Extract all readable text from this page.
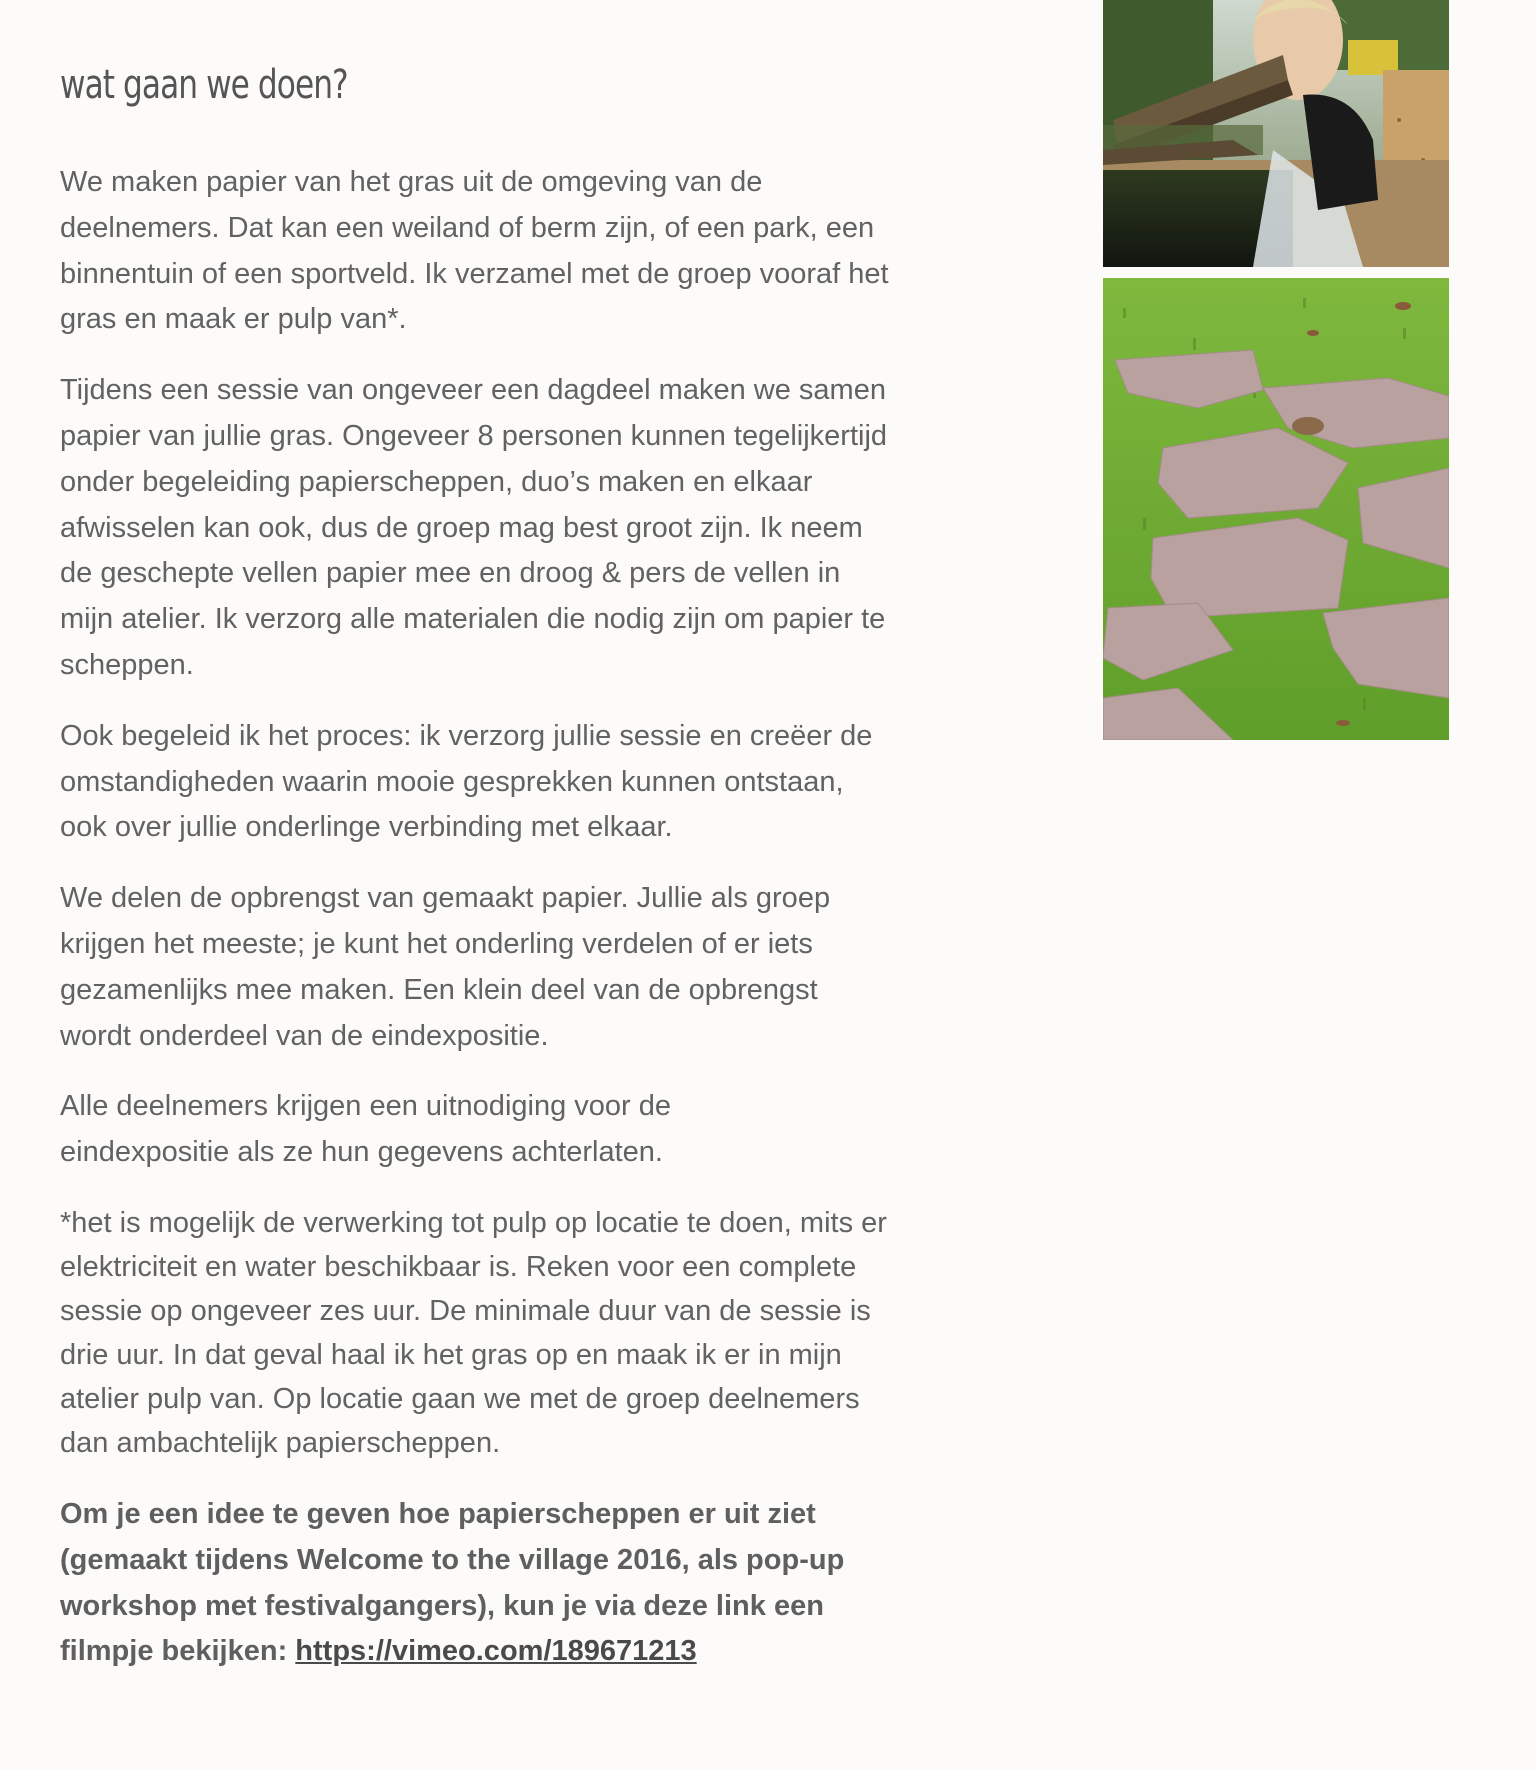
wat gaan we doen?

We maken papier van het gras uit de omgeving van de
deelnemers. Dat kan een weiland of berm zijn, of een park, een
binnentuin of een sportveld. Ik verzamel met de groep vooraf het
gras en maak er pulp van*.

Tijdens een sessie van ongeveer een dagdeel maken we samen
papier van jullie gras. Ongeveer 8 personen kunnen tegelijkertijd
onder begeleiding papierscheppen, duo’s maken en elkaar
afwisselen kan ook, dus de groep mag best groot zijn. Ik neem
de geschepte vellen papier mee en droog & pers de vellen in
mijn atelier. Ik verzorg alle materialen die nodig zijn om papier te
scheppen.

Ook begeleid ik het proces: ik verzorg jullie sessie en creëer de
omstandigheden waarin mooie gesprekken kunnen ontstaan,
ook over jullie onderlinge verbinding met elkaar.

We delen de opbrengst van gemaakt papier. Jullie als groep
krijgen het meeste; je kunt het onderling verdelen of er iets
gezamenlijks mee maken. Een klein deel van de opbrengst
wordt onderdeel van de eindexpositie.

Alle deelnemers krijgen een uitnodiging voor de
eindexpositie als ze hun gegevens achterlaten.

*het is mogelijk de verwerking tot pulp op locatie te doen, mits er
elektriciteit en water beschikbaar is. Reken voor een complete
sessie op ongeveer zes uur. De minimale duur van de sessie is
drie uur. In dat geval haal ik het gras op en maak ik er in mijn
atelier pulp van. Op locatie gaan we met de groep deelnemers
dan ambachtelijk papierscheppen.

Om je een idee te geven hoe papierscheppen er uit ziet
(gemaakt tijdens Welcome to the village 2016, als pop-up
workshop met festivalgangers), kun je via deze link een
filmpje bekijken: https://vimeo.com/189671213
